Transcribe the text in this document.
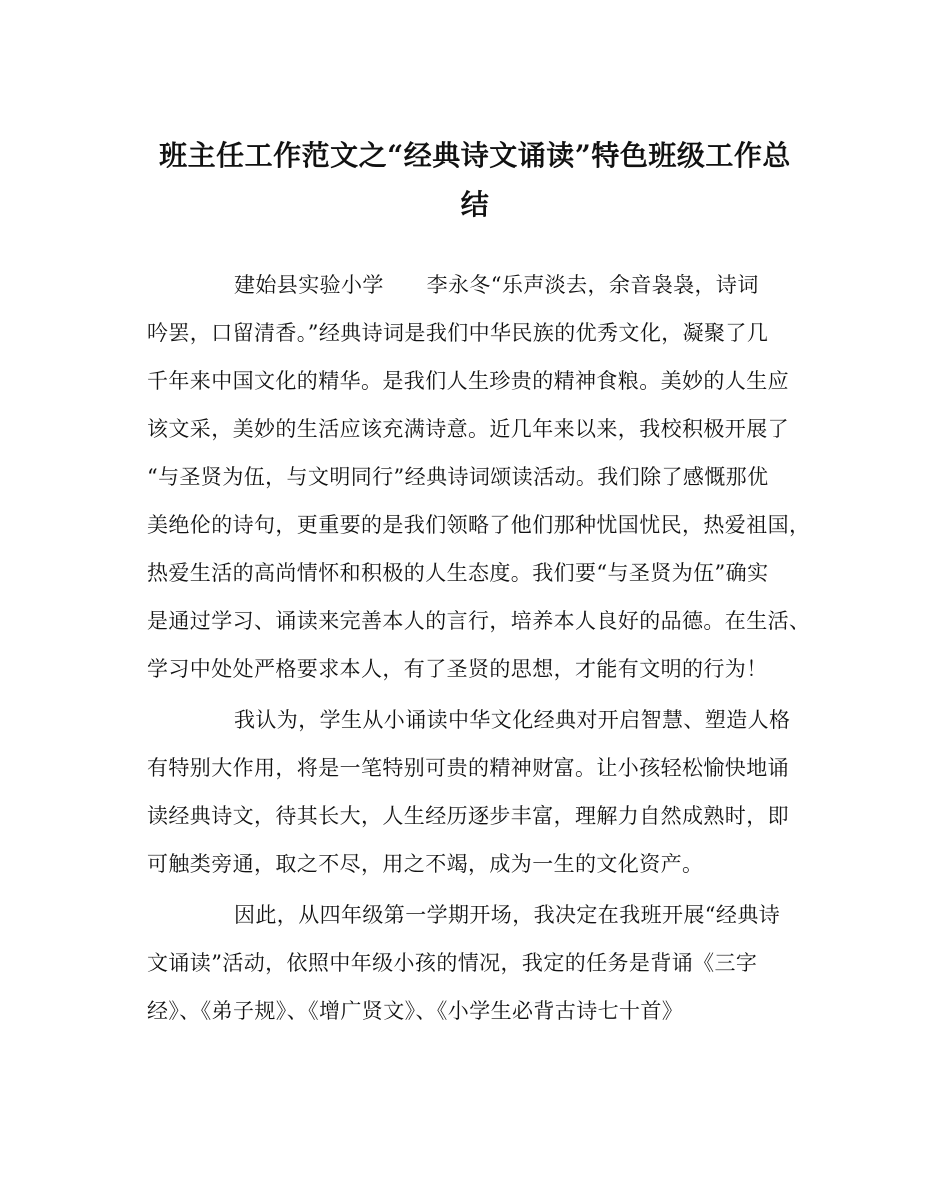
班主任工作范文之“经典诗文诵读”特色班级工作总
结
建始县实验小学　　李永冬“乐声淡去，余音袅袅，诗词
吟罢，口留清香。”经典诗词是我们中华民族的优秀文化，凝聚了几
千年来中国文化的精华。是我们人生珍贵的精神食粮。美妙的人生应
该文采，美妙的生活应该充满诗意。近几年来以来，我校积极开展了
“与圣贤为伍，与文明同行”经典诗词颂读活动。我们除了感慨那优
美绝伦的诗句，更重要的是我们领略了他们那种忧国忧民，热爱祖国，
热爱生活的高尚情怀和积极的人生态度。我们要“与圣贤为伍”确实
是通过学习、诵读来完善本人的言行，培养本人良好的品德。在生活、
学习中处处严格要求本人，有了圣贤的思想，才能有文明的行为！
我认为，学生从小诵读中华文化经典对开启智慧、塑造人格
有特别大作用，将是一笔特别可贵的精神财富。让小孩轻松愉快地诵
读经典诗文，待其长大，人生经历逐步丰富，理解力自然成熟时，即
可触类旁通，取之不尽，用之不竭，成为一生的文化资产。
因此，从四年级第一学期开场，我决定在我班开展“经典诗
文诵读”活动，依照中年级小孩的情况，我定的任务是背诵《三字
经》、《弟子规》、《增广贤文》、《小学生必背古诗七十首》
